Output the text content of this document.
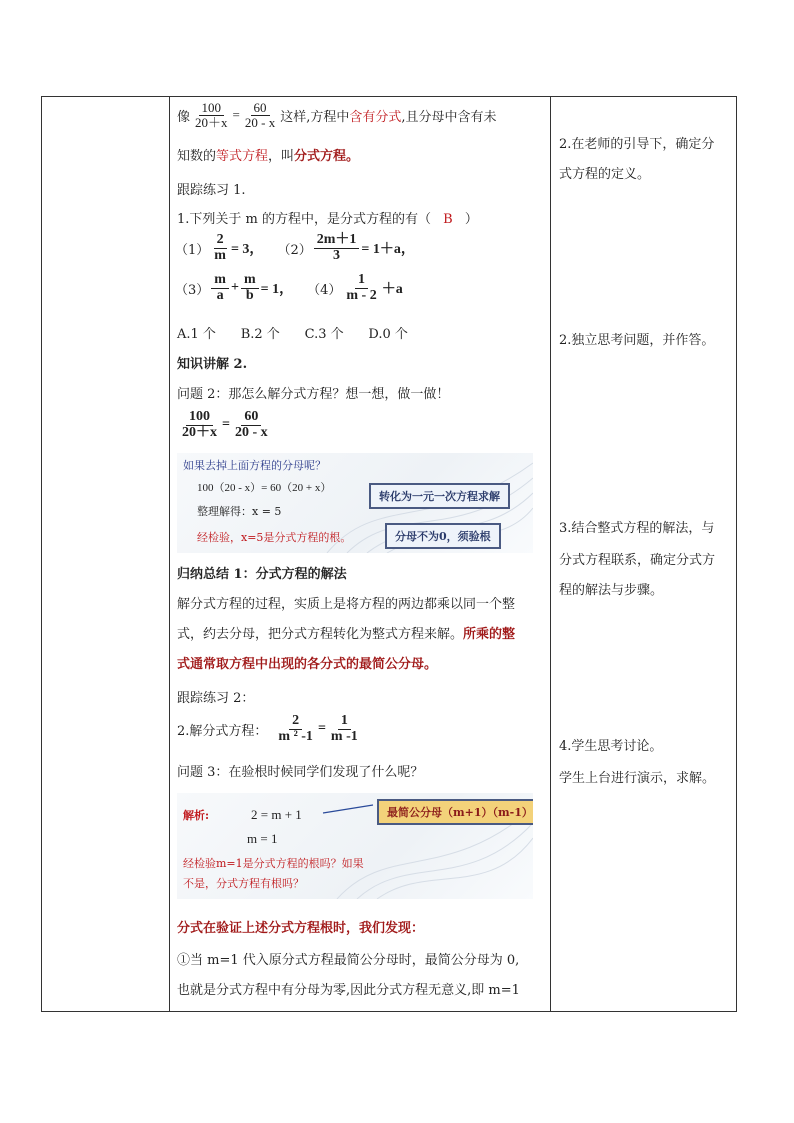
像 $\frac{100}{20+x} = \frac{60}{20 - x}$ 这样,方程中 含有分式 ,且分母中含有未
知数的等式方程，叫分式方程。
跟踪练习 1.
1.下列关于 m 的方程中，是分式方程的有（ B ）
$(1) \frac{2}{m} = 3$， $(2) \frac{2m+1}{3} = 1+a$，
$(3) \frac{m}{a} + \frac{m}{b} = 1$， $(4) \frac{1}{m - 2} +a$
A.1 个      B.2 个      C.3 个      D.0 个
知识讲解 2.
问题 2：那怎么解分式方程？想一想，做一做！
$\frac{100}{20+x} = \frac{60}{20 - x}$
如果去掉上面方程的分母呢？
100（20 - x）= 60（20 + x）
整理解得：x = 5
经检验，x=5是分式方程的根。
转化为一元一次方程求解
分母不为0，须验根
归纳总结 1：分式方程的解法
解分式方程的过程，实质上是将方程的两边都乘以同一个整
式，约去分母，把分式方程转化为整式方程来解。所乘的整
式通常取方程中出现的各分式的最简公分母。
跟踪练习 2：
2.解分式方程： $\frac{2}{\text{m ² -1}} = \frac{1}{m -1}$
问题 3：在验根时候同学们发现了什么呢？
解析:	2 = m + 1
m = 1
最简公分母（m+1）（m-1）
经检验m=1是分式方程的根吗？如果
不是，分式方程有根吗？
分式在验证上述分式方程根时，我们发现：
①当 m=1 代入原分式方程最简公分母时，最简公分母为 0,
也就是分式方程中有分母为零,因此分式方程无意义,即 m=1
2.在老师的引导下，确定分
式方程的定义。
2.独立思考问题，并作答。
3.结合整式方程的解法，与
分式方程联系，确定分式方
程的解法与步骤。
4.学生思考讨论。
学生上台进行演示，求解。
